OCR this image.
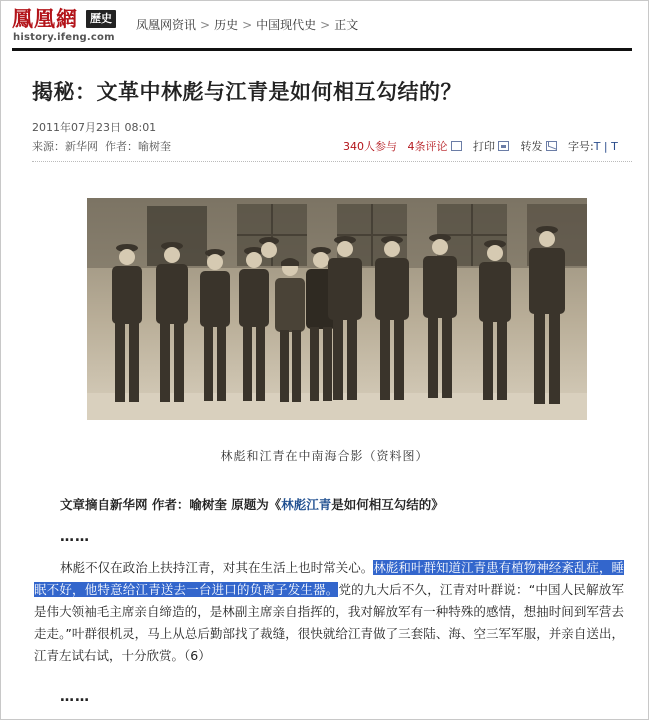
鳳凰網	歷史
history.ifeng.com
凤凰网资讯 > 历史 > 中国现代史 > 正文
揭秘：文革中林彪与江青是如何相互勾结的？
2011年07月23日 08:01
来源：新华网 作者：喻树奎	340人参与 4条评论 打印 转发 字号:T | T
林彪和江青在中南海合影（资料图）
文章摘自新华网 作者：喻树奎 原题为《林彪江青是如何相互勾结的》
……

林彪不仅在政治上扶持江青，对其在生活上也时常关心。林彪和叶群知道江青患有植物神经紊乱症，睡眠不好，他特意给江青送去一台进口的负离子发生器。党的九大后不久，江青对叶群说：“中国人民解放军是伟大领袖毛主席亲自缔造的，是林副主席亲自指挥的，我对解放军有一种特殊的感情，想抽时间到军营去走走。”叶群很机灵，马上从总后勤部找了裁缝，很快就给江青做了三套陆、海、空三军军服，并亲自送出，江青左试右试，十分欣赏。（6）

……
